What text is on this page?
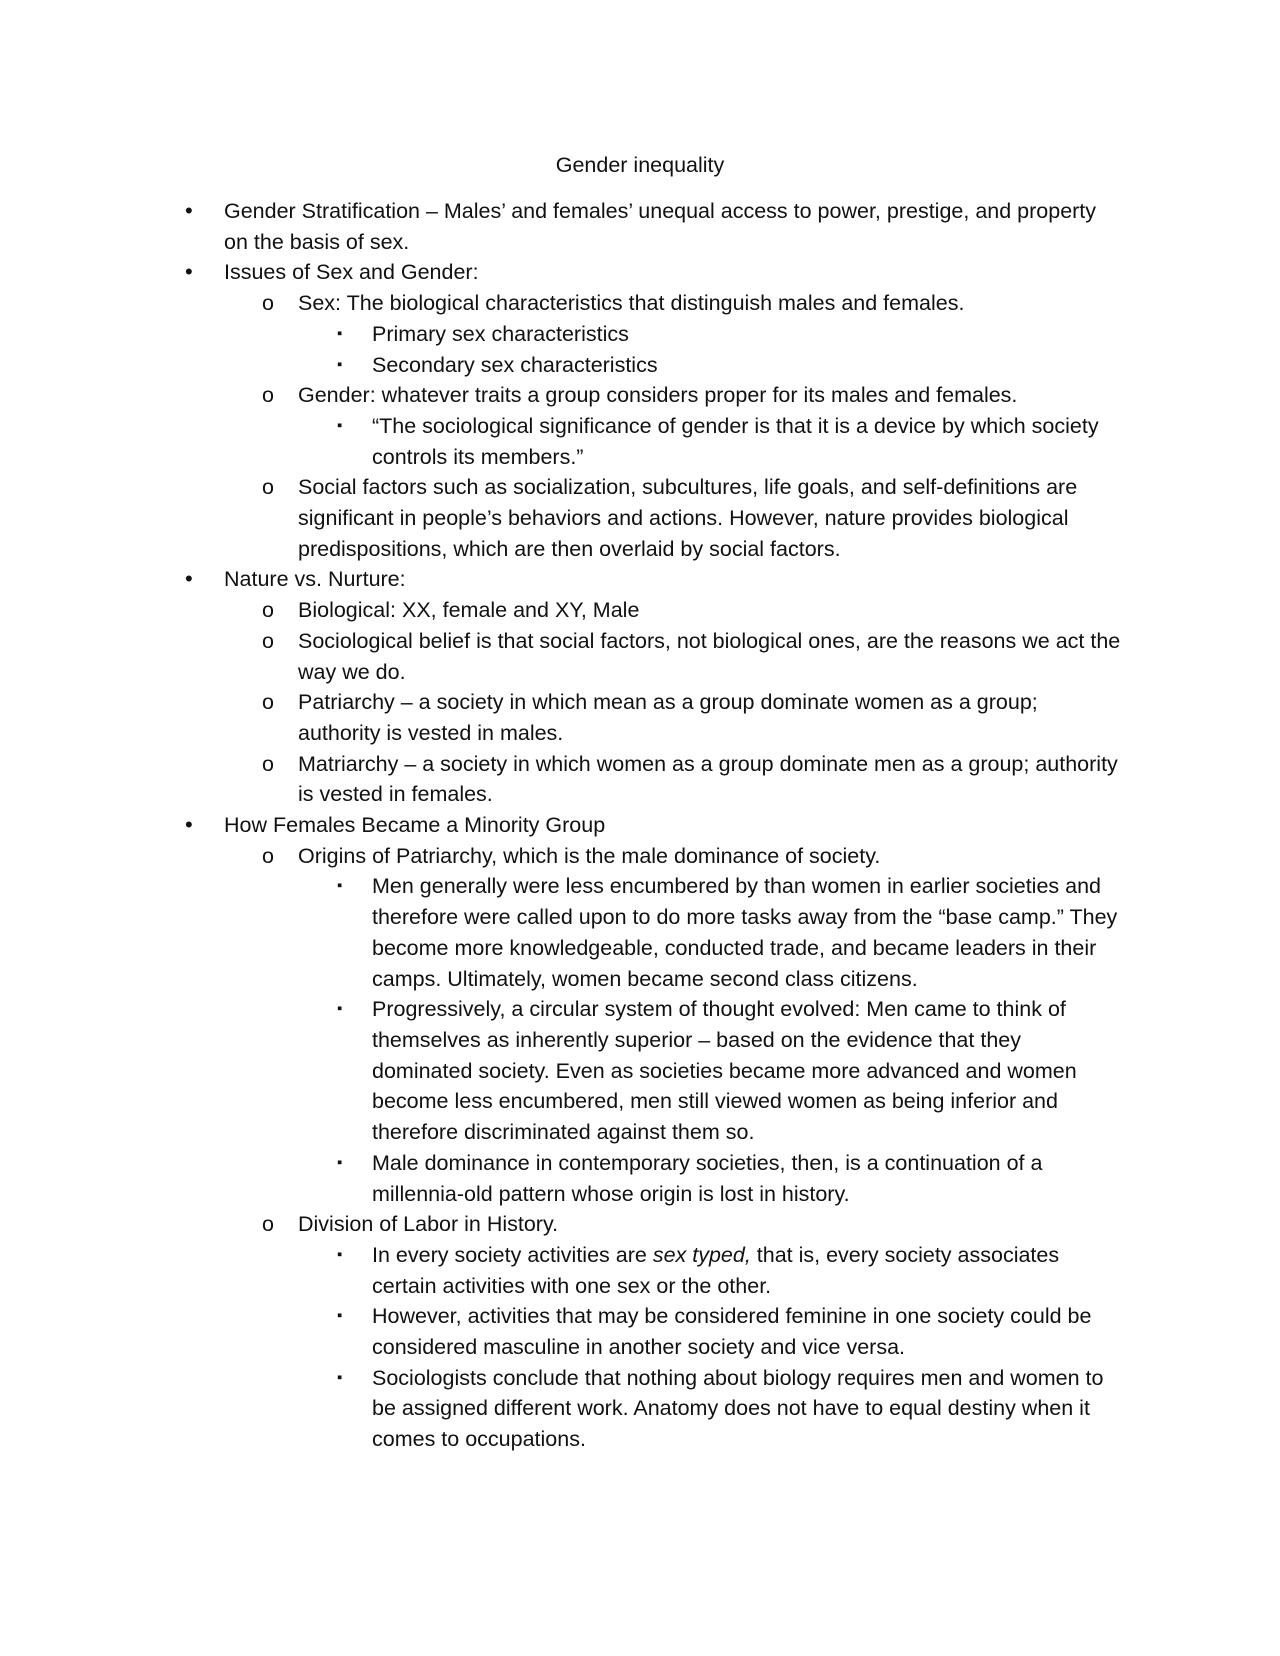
Gender inequality
• Gender Stratification – Males’ and females’ unequal access to power, prestige, and property on the basis of sex.
• Issues of Sex and Gender:
o Sex: The biological characteristics that distinguish males and females.
▪ Primary sex characteristics
▪ Secondary sex characteristics
o Gender: whatever traits a group considers proper for its males and females.
▪ “The sociological significance of gender is that it is a device by which society controls its members.”
o Social factors such as socialization, subcultures, life goals, and self-definitions are significant in people’s behaviors and actions. However, nature provides biological predispositions, which are then overlaid by social factors.
• Nature vs. Nurture:
o Biological: XX, female and XY, Male
o Sociological belief is that social factors, not biological ones, are the reasons we act the way we do.
o Patriarchy – a society in which mean as a group dominate women as a group; authority is vested in males.
o Matriarchy – a society in which women as a group dominate men as a group; authority is vested in females.
• How Females Became a Minority Group
o Origins of Patriarchy, which is the male dominance of society.
▪ Men generally were less encumbered by than women in earlier societies and therefore were called upon to do more tasks away from the “base camp.” They become more knowledgeable, conducted trade, and became leaders in their camps. Ultimately, women became second class citizens.
▪ Progressively, a circular system of thought evolved: Men came to think of themselves as inherently superior – based on the evidence that they dominated society. Even as societies became more advanced and women become less encumbered, men still viewed women as being inferior and therefore discriminated against them so.
▪ Male dominance in contemporary societies, then, is a continuation of a millennia-old pattern whose origin is lost in history.
o Division of Labor in History.
▪ In every society activities are sex typed, that is, every society associates certain activities with one sex or the other.
▪ However, activities that may be considered feminine in one society could be considered masculine in another society and vice versa.
▪ Sociologists conclude that nothing about biology requires men and women to be assigned different work. Anatomy does not have to equal destiny when it comes to occupations.
